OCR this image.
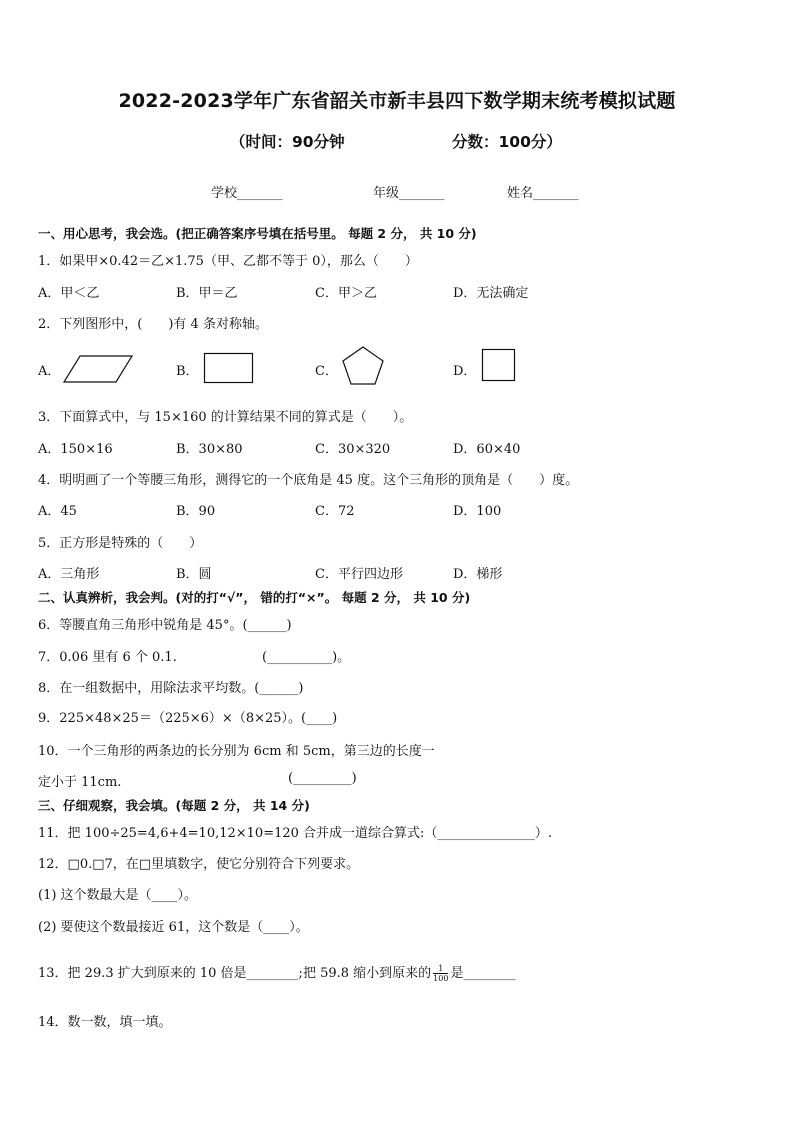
2022-2023学年广东省韶关市新丰县四下数学期末统考模拟试题
（时间：90分钟	分数：100分）
学校_______	年级_______	姓名_______
一、用心思考，我会选。(把正确答案序号填在括号里。 每题 2 分， 共 10 分)
1．如果甲×0.42＝乙×1.75（甲、乙都不等于 0），那么（　　）
A．甲＜乙	B．甲＝乙	C．甲＞乙	D．无法确定
2．下列图形中，(　　)有 4 条对称轴。
A．	B．	C．	D．
3．下面算式中，与 15×160 的计算结果不同的算式是（　　）。
A．150×16	B．30×80	C．30×320	D．60×40
4．明明画了一个等腰三角形，测得它的一个底角是 45 度。这个三角形的顶角是（　　）度。
A．45	B．90	C．72	D．100
5．正方形是特殊的（　　）
A．三角形	B．圆	C．平行四边形	D．梯形
二、认真辨析，我会判。(对的打“√”， 错的打“×”。 每题 2 分， 共 10 分)
6．等腰直角三角形中锐角是 45°。(______)
7．0.06 里有 6 个 0.1.	(__________)。
8．在一组数据中，用除法求平均数。(______)
9．225×48×25＝（225×6）×（8×25）。(____)
10．一个三角形的两条边的长分别为 6cm 和 5cm，第三边的长度一
定小于 11cm.	(_________)
三、仔细观察，我会填。(每题 2 分， 共 14 分)
11．把 100÷25=4,6+4=10,12×10=120 合并成一道综合算式:（_______________）.
12．□0.□7，在□里填数字，使它分别符合下列要求。
(1) 这个数最大是（____）。
(2) 要使这个数最接近 61，这个数是（____）。
13．把 29.3 扩大到原来的 10 倍是________;把 59.8 缩小到原来的 $\frac{1}{100}$ 是________
14．数一数，填一填。
